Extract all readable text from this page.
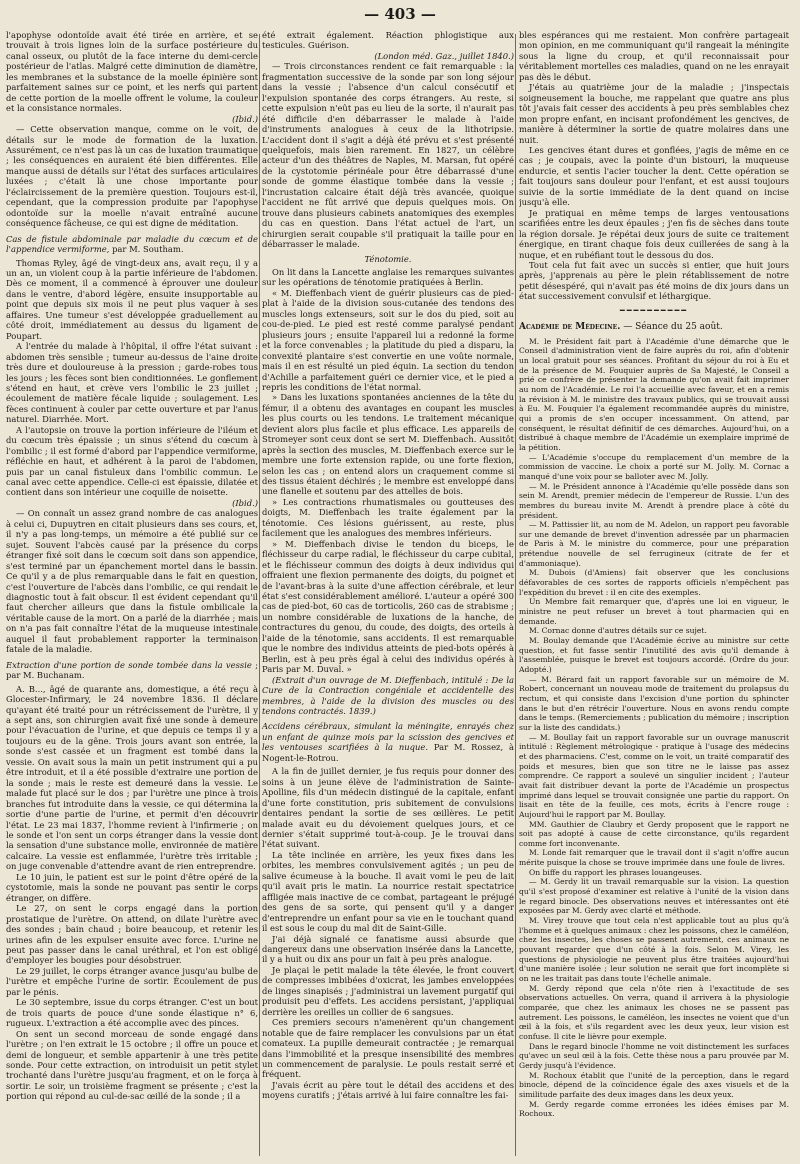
— 403 —

l'apophyse odontoïde avait été tirée en arrière, et se trouvait à trois lignes loin de la surface postérieure du canal osseux, ou plutôt de la face interne du demi-cercle postérieur de l'atlas. Malgré cette diminution de diamètre, les membranes et la substance de la moelle épinière sont parfaitement saines sur ce point, et les nerfs qui partent de cette portion de la moelle offrent le volume, la couleur et la consistance normales.

(Ibid.)

— Cette observation manque, comme on le voit, de détails sur le mode de formation de la luxation. Assurément, ce n'est pas là un cas de luxation traumatique ; les conséquences en auraient été bien différentes. Elle manque aussi de détails sur l'état des surfaces articulaires luxées ; c'était là une chose importante pour l'éclaircissement de la première question. Toujours est-il, cependant, que la compression produite par l'apophyse odontoïde sur la moelle n'avait entraîné aucune conséquence fâcheuse, ce qui est digne de méditation.

Cas de fistule abdominale par maladie du cœcum et de l'appendice vermiforme, par M. Southam.

Thomas Ryley, âgé de vingt-deux ans, avait reçu, il y a un an, un violent coup à la partie inférieure de l'abdomen. Dès ce moment, il a commencé à éprouver une douleur dans le ventre, d'abord légère, ensuite insupportable au point que depuis six mois il ne peut plus vaquer à ses affaires. Une tumeur s'est développée graduellement au côté droit, immédiatement au dessus du ligament de Poupart.

A l'entrée du malade à l'hôpital, il offre l'état suivant : abdomen très sensible ; tumeur au-dessus de l'aine droite très dure et douloureuse à la pression ; garde-robes tous les jours ; les fèces sont bien conditionnées. Le gonflement s'étend en haut, et crève vers l'ombilic le 23 juillet ; écoulement de matière fécale liquide ; soulagement. Les fèces continuent à couler par cette ouverture et par l'anus naturel. Diarrhée. Mort.

A l'autopsie on trouve la portion inférieure de l'iléum et du cœcum très épaissie ; un sinus s'étend du cœcum à l'ombilic ; il est formé d'abord par l'appendice vermiforme, réfléchie en haut, et adhérent à la paroi de l'abdomen, puis par un canal fistuleux dans l'ombilic commun. Le canal avec cette appendice. Celle-ci est épaissie, dilatée et contient dans son intérieur une coquille de noisette.

(Ibid.)

— On connaît un assez grand nombre de cas analogues à celui ci, Dupuytren en citait plusieurs dans ses cours, et, il n'y a pas long-temps, un mémoire a été publié sur ce sujet. Souvent l'abcès causé par la présence du corps étranger fixé soit dans le cœcum soit dans son appendice, s'est terminé par un épanchement mortel dans le bassin. Ce qu'il y a de plus remarquable dans le fait en question, c'est l'ouverture de l'abcès dans l'ombilic, ce qui rendait le diagnostic tout à fait obscur. Il est évident cependant qu'il faut chercher ailleurs que dans la fistule ombilicale la véritable cause de la mort. On a parlé de la diarrhée ; mais on n'a pas fait connaître l'état de la muqueuse intestinale auquel il faut probablement rapporter la terminaison fatale de la maladie.

Extraction d'une portion de sonde tombée dans la vessie ; par M. Buchanam.

A. B..., âgé de quarante ans, domestique, a été reçu à Glocester-Infirmary, le 24 novembre 1836. Il déclare qu'ayant été traité pour un rétrécissement de l'urètre, il y a sept ans, son chirurgien avait fixé une sonde à demeure pour l'évacuation de l'urine, et que depuis ce temps il y a toujours eu de la gêne. Trois jours avant son entrée, la sonde s'est cassée et un fragment est tombé dans la vessie. On avait sous la main un petit instrument qui a pu être introduit, et il a été possible d'extraire une portion de la sonde ; mais le reste est demeuré dans la vessie. Le malade fut placé sur le dos ; par l'urètre une pince à trois branches fut introduite dans la vessie, ce qui détermina la sortie d'une partie de l'urine, et permit d'en découvrir l'état. Le 23 mai 1837, l'homme revient à l'infirmerie ; on le sonde et l'on sent un corps étranger dans la vessie dont la sensation d'une substance molle, environnée de matière calcaire. La vessie est enflammée, l'urètre très irritable ; on juge convenable d'attendre avant de rien entreprendre.

Le 10 juin, le patient est sur le point d'être opéré de la cystotomie, mais la sonde ne pouvant pas sentir le corps étranger, on diffère.

Le 27, on sent le corps engagé dans la portion prostatique de l'urètre. On attend, on dilate l'urètre avec des sondes ; bain chaud ; boire beaucoup, et retenir les urines afin de les expulser ensuite avec force. L'urine ne peut pas passer dans le canal uréthral, et l'on est obligé d'employer les bougies pour désobstruer.

Le 29 juillet, le corps étranger avance jusqu'au bulbe de l'urètre et empêche l'urine de sortir. Écoulement de pus par le pénis.

Le 30 septembre, issue du corps étranger. C'est un bout de trois quarts de pouce d'une sonde élastique n° 6, rugueux. L'extraction a été accomplie avec des pinces.

On sent un second morceau de sonde engagé dans l'urètre ; on l'en extrait le 15 octobre ; il offre un pouce et demi de longueur, et semble appartenir à une très petite sonde. Pour cette extraction, on introduisit un petit stylet trochanté dans l'urètre jusqu'au fragment, et on le força à sortir. Le soir, un troisième fragment se présente ; c'est la portion qui répond au cul-de-sac œillé de la sonde ; il a

été extrait également. Réaction phlogistique aux testicules. Guérison.

(London méd. Gaz., juillet 1840.)

— Trois circonstances rendent ce fait remarquable : la fragmentation successive de la sonde par son long séjour dans la vessie ; l'absence d'un calcul consécutif et l'expulsion spontanée des corps étrangers. Au reste, si cette expulsion n'eût pas eu lieu de la sorte, il n'aurait pas été difficile d'en débarrasser le malade à l'aide d'instruments analogues à ceux de la lithotripsie. L'accident dont il s'agit a déjà été prévu et s'est présenté quelquefois, mais bien rarement. En 1827, un célèbre acteur d'un des théâtres de Naples, M. Marsan, fut opéré de la cystotomie périnéale pour être débarrassé d'une sonde de gomme élastique tombée dans la vessie ; l'incrustation calcaire était déjà très avancée, quoique l'accident ne fût arrivé que depuis quelques mois. On trouve dans plusieurs cabinets anatomiques des exemples du cas en question. Dans l'état actuel de l'art, un chirurgien serait coupable s'il pratiquait la taille pour en débarrasser le malade.

Ténotomie.

On lit dans la Lancette anglaise les remarques suivantes sur les opérations de ténotomie pratiquées à Berlin.

« M. Dieffenbach vient de guérir plusieurs cas de pied-plat à l'aide de la division sous-cutanée des tendons des muscles longs extenseurs, soit sur le dos du pied, soit au cou-de-pied. Le pied est resté comme paralysé pendant plusieurs jours ; ensuite l'appareil lui a redonné la forme et la force convenables ; la platitude du pied a disparu, la convexité plantaire s'est convertie en une voûte normale, mais il en est résulté un pied équin. La section du tendon d'Achille a parfaitement guéri ce dernier vice, et le pied a repris les conditions de l'état normal.

» Dans les luxations spontanées anciennes de la tête du fémur, il a obtenu des avantages en coupant les muscles les plus courts ou les tendons. Le traitement mécanique devient alors plus facile et plus efficace. Les appareils de Stromeyer sont ceux dont se sert M. Dieffenbach. Aussitôt après la section des muscles, M. Dieffenbach exerce sur le membre une forte extension rapide, ou une forte flexion, selon les cas ; on entend alors un craquement comme si des tissus étaient déchirés ; le membre est enveloppé dans une flanelle et soutenu par des attelles de bois.

» Les contractions rhumatismales ou goutteuses des doigts, M. Dieffenbach les traite également par la ténotomie. Ces lésions guérissent, au reste, plus facilement que les analogues des membres inférieurs.

» M. Dieffenbach divise le tendon du biceps, le fléchisseur du carpe radial, le fléchisseur du carpe cubital, et le fléchisseur commun des doigts à deux individus qui offraient une flexion permanente des doigts, du poignet et de l'avant-bras à la suite d'une affection cérébrale, et leur état s'est considérablement amélioré. L'auteur a opéré 300 cas de pied-bot, 60 cas de torticolis, 260 cas de strabisme ; un nombre considérable de luxations de la hanche, de contractures du genou, du coude, des doigts, des orteils à l'aide de la ténotomie, sans accidents. Il est remarquable que le nombre des individus atteints de pied-bots opérés à Berlin, est à peu près égal à celui des individus opérés à Paris par M. Duval. »

(Extrait d'un ouvrage de M. Dieffenbach, intitulé : De la Cure de la Contraction congéniale et accidentelle des membres, à l'aide de la division des muscles ou des tendons contractés. 1839.)

Accidens cérébraux, simulant la méningite, enrayés chez un enfant de quinze mois par la scission des gencives et les ventouses scarifiées à la nuque. Par M. Rossez, à Nogent-le-Rotrou.

A la fin de juillet dernier, je fus requis pour donner des soins à un jeune élève de l'administration de Sainte-Apolline, fils d'un médecin distingué de la capitale, enfant d'une forte constitution, pris subitement de convulsions dentaires pendant la sortie de ses œillères. Le petit malade avait eu du dévoiement quelques jours, et ce dernier s'était supprimé tout-à-coup. Je le trouvai dans l'état suivant.

La tête inclinée en arrière, les yeux fixes dans les orbites, les membres convulsivement agités ; un peu de salive écumeuse à la bouche. Il avait vomi le peu de lait qu'il avait pris le matin. La nourrice restait spectatrice affligée mais inactive de ce combat, partageant le préjugé des gens de sa sorte, qui pensent qu'il y a danger d'entreprendre un enfant pour sa vie en le touchant quand il est sous le coup du mal dit de Saint-Gille.

J'ai déjà signalé ce fanatisme aussi absurde que dangereux dans une observation insérée dans la Lancette, il y a huit ou dix ans pour un fait à peu près analogue.

Je plaçai le petit malade la tête élevée, le front couvert de compresses imbibées d'oxicrat, les jambes enveloppées de linges sinapisés ; j'administrai un lavement purgatif qui produisit peu d'effets. Les accidens persistant, j'appliquai derrière les oreilles un collier de 6 sangsues.

Ces premiers secours n'amenèrent qu'un changement notable que de faire remplacer les convulsions par un état comateux. La pupille demeurait contractée ; je remarquai dans l'immobilité et la presque insensibilité des membres un commencement de paralysie. Le pouls restait serré et fréquent.

J'avais écrit au père tout le détail des accidens et des moyens curatifs ; j'étais arrivé à lui faire connaître les fai-

bles espérances qui me restaient. Mon confrère partageait mon opinion, en me communiquant qu'il rangeait la méningite sous la ligne du croup, et qu'il reconnaissait pour véritablement mortelles ces maladies, quand on ne les enrayait pas dès le début.

J'étais au quatrième jour de la maladie ; j'inspectais soigneusement la bouche, me rappelant que quatre ans plus tôt j'avais fait cesser des accidents à peu près semblables chez mon propre enfant, en incisant profondément les gencives, de manière à déterminer la sortie de quatre molaires dans une nuit.

Les gencives étant dures et gonflées, j'agis de même en ce cas ; je coupais, avec la pointe d'un bistouri, la muqueuse endurcie, et sentis l'acier toucher la dent. Cette opération se fait toujours sans douleur pour l'enfant, et est aussi toujours suivie de la sortie immédiate de la dent quand on incise jusqu'à elle.

Je pratiquai en même temps de larges ventousations scarifiées entre les deux épaules ; j'en fis de sèches dans toute la région dorsale. Je répétai deux jours de suite ce traitement énergique, en tirant chaque fois deux cuillerées de sang à la nuque, et en rubéfiant tout le dessous du dos.

Tout cela fut fait avec un succès si entier, que huit jours après, j'apprenais au père le plein rétablissement de notre petit désespéré, qui n'avait pas été moins de dix jours dans un état successivement convulsif et léthargique.

━━━━━━━━━━
Académie de Médecine. — Séance du 25 août.

M. le Président fait part à l'Académie d'une démarche que le Conseil d'administration vient de faire auprès du roi, afin d'obtenir un local gratuit pour ses séances. Profitant du séjour du roi à Eu et de la présence de M. Fouquier auprès de Sa Majesté, le Conseil a prié ce confrère de présenter la demande qu'on avait fait imprimer au nom de l'Académie. Le roi l'a accueillie avec faveur, et en a remis la révision à M. le ministre des travaux publics, qui se trouvait aussi à Eu. M. Fouquier l'a également recommandée auprès du ministre, qui a promis de s'en occuper incessamment. On attend, par conséquent, le résultat définitif de ces démarches. Aujourd'hui, on a distribué à chaque membre de l'Académie un exemplaire imprimé de la pétition.

— L'Académie s'occupe du remplacement d'un membre de la commission de vaccine. Le choix a porté sur M. Jolly. M. Cornac a manqué d'une voix pour se balloter avec M. Jolly.

— M. le Président annonce à l'Académie qu'elle possède dans son sein M. Arendt, premier médecin de l'empereur de Russie. L'un des membres du bureau invite M. Arendt à prendre place à côté du président.

— M. Pattissier lit, au nom de M. Adelon, un rapport peu favorable sur une demande de brevet d'invention adressée par un pharmacien de Paris à M. le ministre du commerce, pour une préparation prétendue nouvelle de sel ferrugineux (citrate de fer et d'ammoniaque).

M. Dubois (d'Amiens) fait observer que les conclusions défavorables de ces sortes de rapports officiels n'empêchent pas l'expédition du brevet : il en cite des exemples.

Un Membre fait remarquer que, d'après une loi en vigueur, le ministre ne peut refuser un brevet à tout pharmacien qui en demande.

M. Cornac donne d'autres détails sur ce sujet.

M. Boulay demande que l'Académie écrive au ministre sur cette question, et fut fasse sentir l'inutilité des avis qu'il demande à l'assemblée, puisque le brevet est toujours accordé. (Ordre du jour. Adopté.)

— M. Bérard fait un rapport favorable sur un mémoire de M. Robert, concernant un nouveau mode de traitement du prolapsus du rectum, et qui consiste dans l'excision d'une portion du sphincter dans le but d'en rétrécir l'ouverture. Nous en avons rendu compte dans le temps. (Remerciements ; publication du mémoire ; inscription sur la liste des candidats.)

— M. Boullay fait un rapport favorable sur un ouvrage manuscrit intitulé : Règlement métrologique - pratique à l'usage des médecins et des pharmaciens. C'est, comme on le voit, un traité comparatif des poids et mesures, bien que son titre ne le laisse pas assez comprendre. Ce rapport a soulevé un singulier incident ; l'auteur avait fait distribuer devant la porte de l'Académie un prospectus imprimé dans lequel se trouvait consignée une partie du rapport. On lisait en tête de la feuille, ces mots, écrits à l'encre rouge : Aujourd'hui le rapport par M. Boullay.

MM. Gauthier de Claubry et Gerdy proposent que le rapport ne soit pas adopté à cause de cette circonstance, qu'ils regardent comme fort inconvenante.

M. Londe fait remarquer que le travail dont il s'agit n'offre aucun mérite puisque la chose se trouve imprimée dans une foule de livres.

On biffe du rapport les phrases louangeuses.

— M. Gerdy lit un travail remarquable sur la vision. La question qu'il s'est proposé d'examiner est relative à l'unité de la vision dans le regard binocle. Des observations neuves et intéressantes ont été exposées par M. Gerdy avec clarté et méthode.

M. Virey trouve que tout cela n'est applicable tout au plus qu'à l'homme et à quelques animaux : chez les poissons, chez le caméléon, chez les insectes, les choses se passent autrement, ces animaux ne pouvant regarder que d'un côté à la fois. Selon M. Virey, les questions de physiologie ne peuvent plus être traitées aujourd'hui d'une manière isolée ; leur solution ne serait que fort incomplète si on ne les traitait pas dans toute l'échelle animale.

M. Gerdy répond que cela n'ôte rien à l'exactitude de ses observations actuelles. On verra, quand il arrivera à la physiologie comparée, que chez les animaux les choses ne se passent pas autrement. Les poissons, le caméléon, les insectes ne voient que d'un œil à la fois, et s'ils regardent avec les deux yeux, leur vision est confuse. Il cite le lièvre pour exemple.

Dans le regard binocle l'homme ne voit distinctement les surfaces qu'avec un seul œil à la fois. Cette thèse nous a paru prouvée par M. Gerdy jusqu'à l'évidence.

M. Rochoux établit que l'unité de la perception, dans le regard binocle, dépend de la coïncidence égale des axes visuels et de la similitude parfaite des deux images dans les deux yeux.

M. Gerdy regarde comme erronées les idées émises par M. Rochoux.
